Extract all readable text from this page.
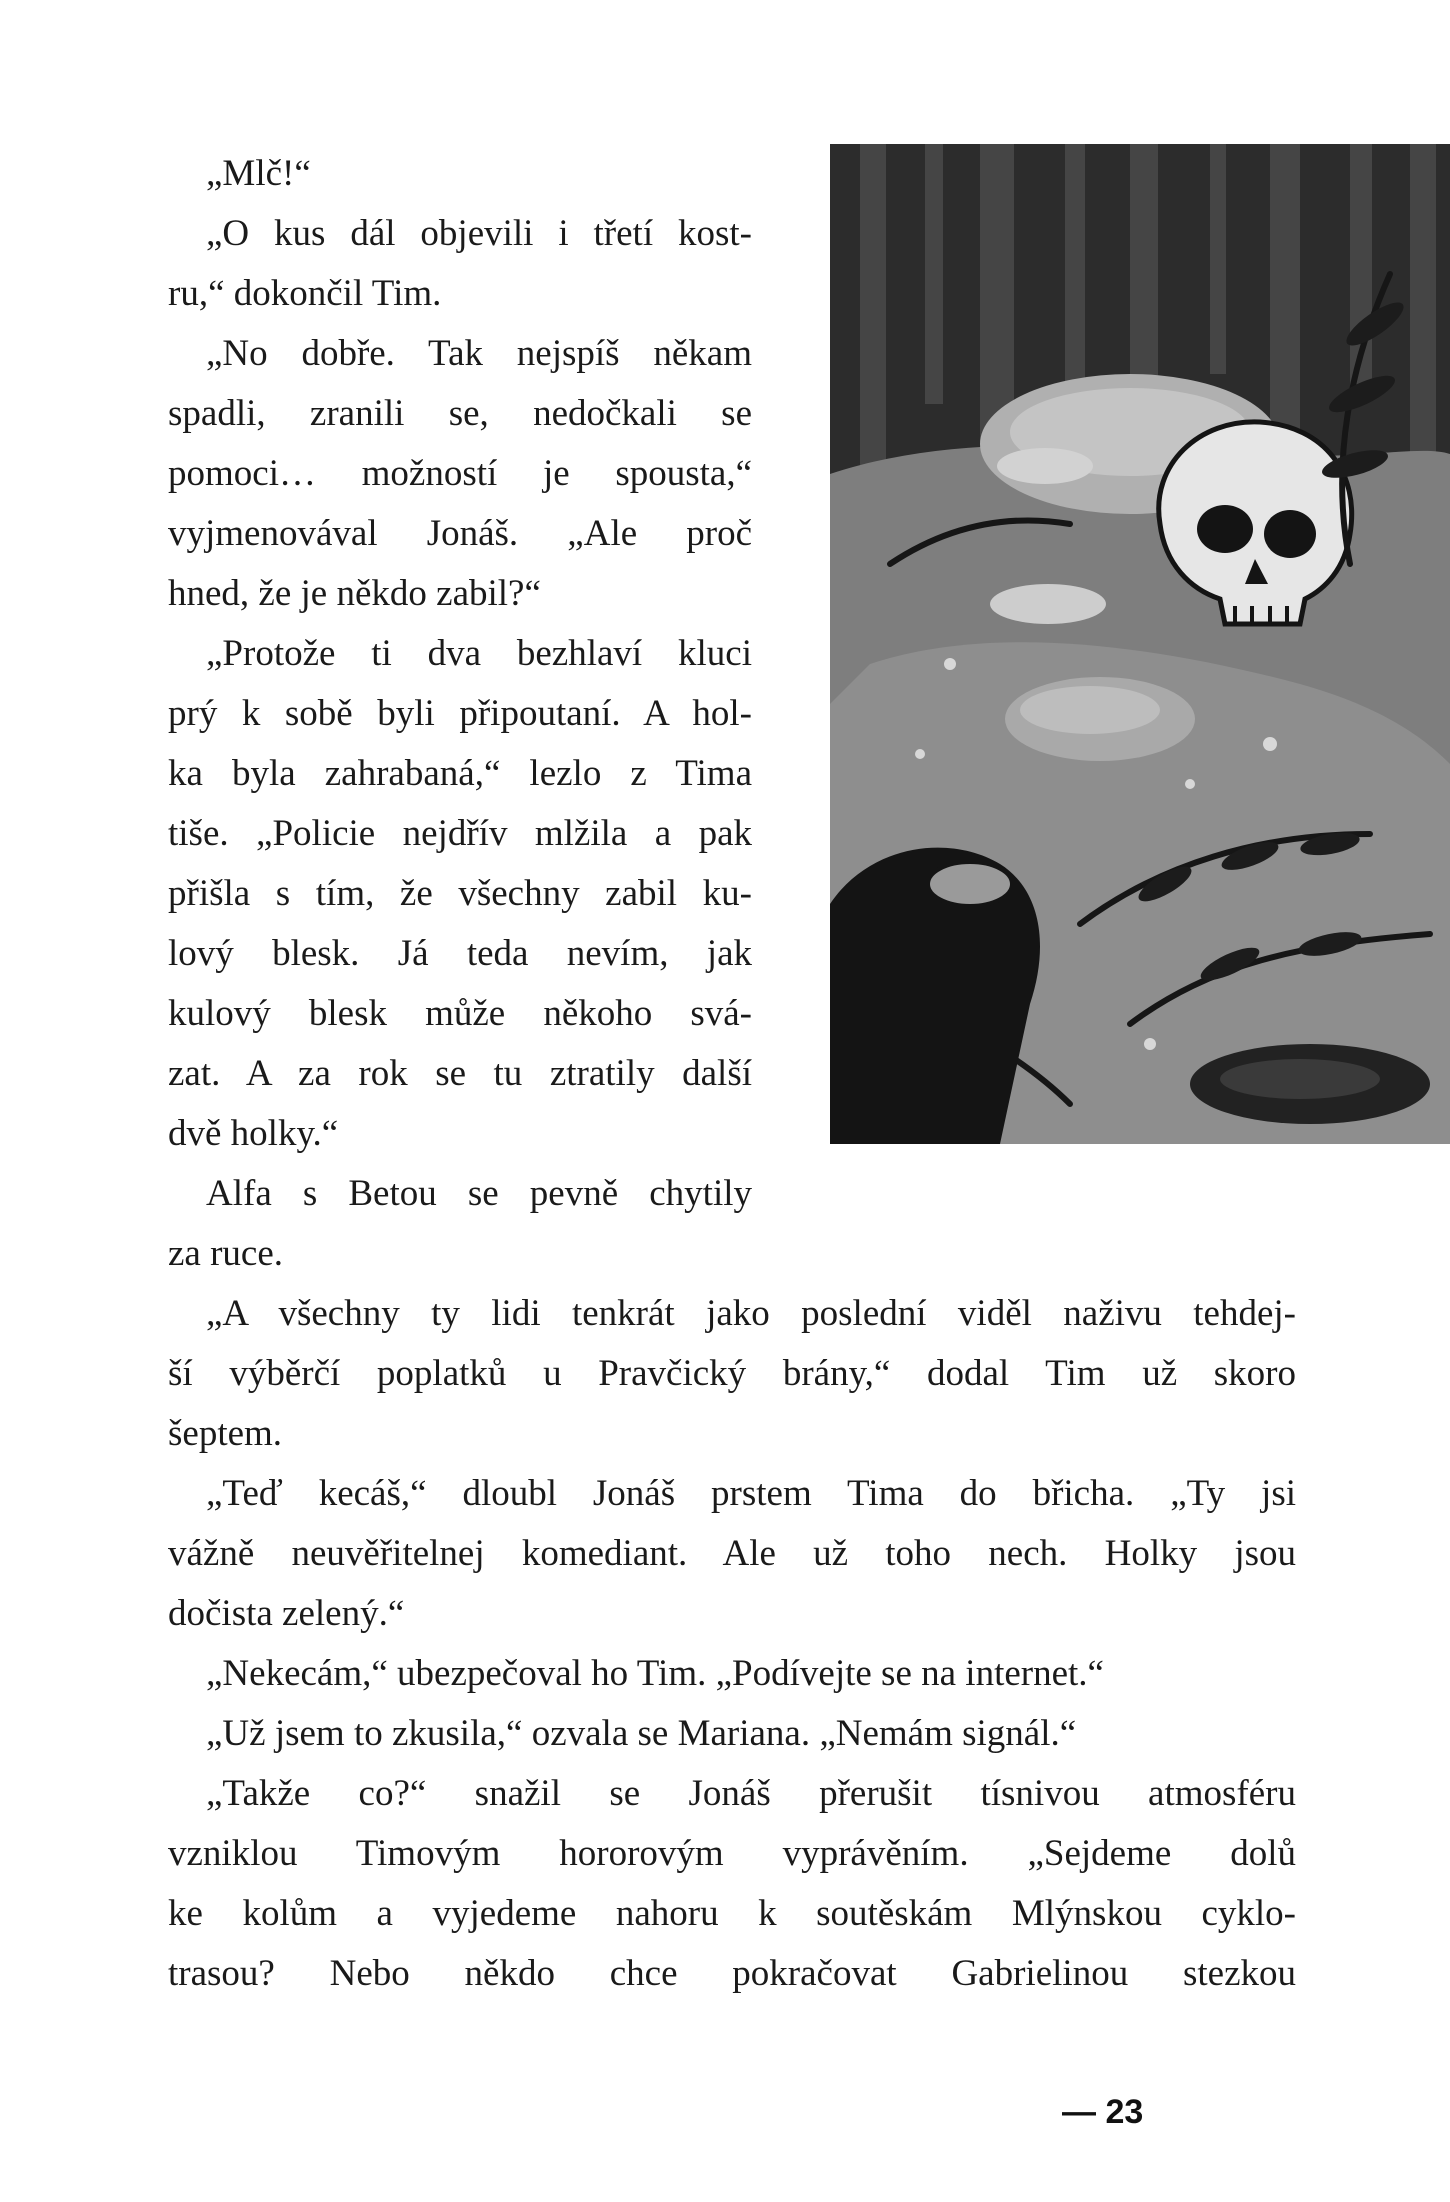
„Mlč!“
„O kus dál objevili i třetí kost-
ru,“ dokončil Tim.
„No dobře. Tak nejspíš někam
spadli, zranili se, nedočkali se
pomoci… možností je spousta,“
vyjmenovával Jonáš. „Ale proč
hned, že je někdo zabil?“
„Protože ti dva bezhlaví kluci
prý k sobě byli připoutaní. A hol-
ka byla zahrabaná,“ lezlo z Tima
tiše. „Policie nejdřív mlžila a pak
přišla s tím, že všechny zabil ku-
lový blesk. Já teda nevím, jak
kulový blesk může někoho svá-
zat. A za rok se tu ztratily další
dvě holky.“
Alfa s Betou se pevně chytily
za ruce.
„A všechny ty lidi tenkrát jako poslední viděl naživu tehdej-
ší výběrčí poplatků u Pravčický brány,“ dodal Tim už skoro
šeptem.
„Teď kecáš,“ dloubl Jonáš prstem Tima do břicha. „Ty jsi
vážně neuvěřitelnej komediant. Ale už toho nech. Holky jsou
dočista zelený.“
„Nekecám,“ ubezpečoval ho Tim. „Podívejte se na internet.“
„Už jsem to zkusila,“ ozvala se Mariana. „Nemám signál.“
„Takže co?“ snažil se Jonáš přerušit tísnivou atmosféru
vzniklou Timovým hororovým vyprávěním. „Sejdeme dolů
ke kolům a vyjedeme nahoru k soutěskám Mlýnskou cyklo-
trasou? Nebo někdo chce pokračovat Gabrielinou stezkou
— 23
